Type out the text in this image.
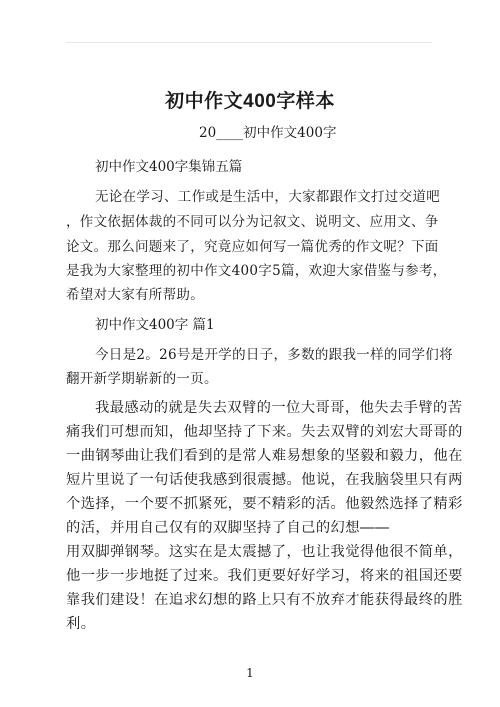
初中作文400字样本
20____初中作文400字
初中作文400字集锦五篇
无论在学习、工作或是生活中，大家都跟作文打过交道吧
，作文依据体裁的不同可以分为记叙文、说明文、应用文、争
论文。那么问题来了，究竟应如何写一篇优秀的作文呢？下面
是我为大家整理的初中作文400字5篇，欢迎大家借鉴与参考，
希望对大家有所帮助。
初中作文400字 篇1
今日是2。26号是开学的日子，多数的跟我一样的同学们将
翻开新学期崭新的一页。
我最感动的就是失去双臂的一位大哥哥，他失去手臂的苦
痛我们可想而知，他却坚持了下来。失去双臂的刘宏大哥哥的
一曲钢琴曲让我们看到的是常人难易想象的坚毅和毅力，他在
短片里说了一句话使我感到很震撼。他说，在我脑袋里只有两
个选择，一个要不抓紧死，要不精彩的活。他毅然选择了精彩
的活，并用自己仅有的双脚坚持了自己的幻想——
用双脚弹钢琴。这实在是太震撼了，也让我觉得他很不简单，
他一步一步地挺了过来。我们更要好好学习，将来的祖国还要
靠我们建设！在追求幻想的路上只有不放弃才能获得最终的胜
利。
1
